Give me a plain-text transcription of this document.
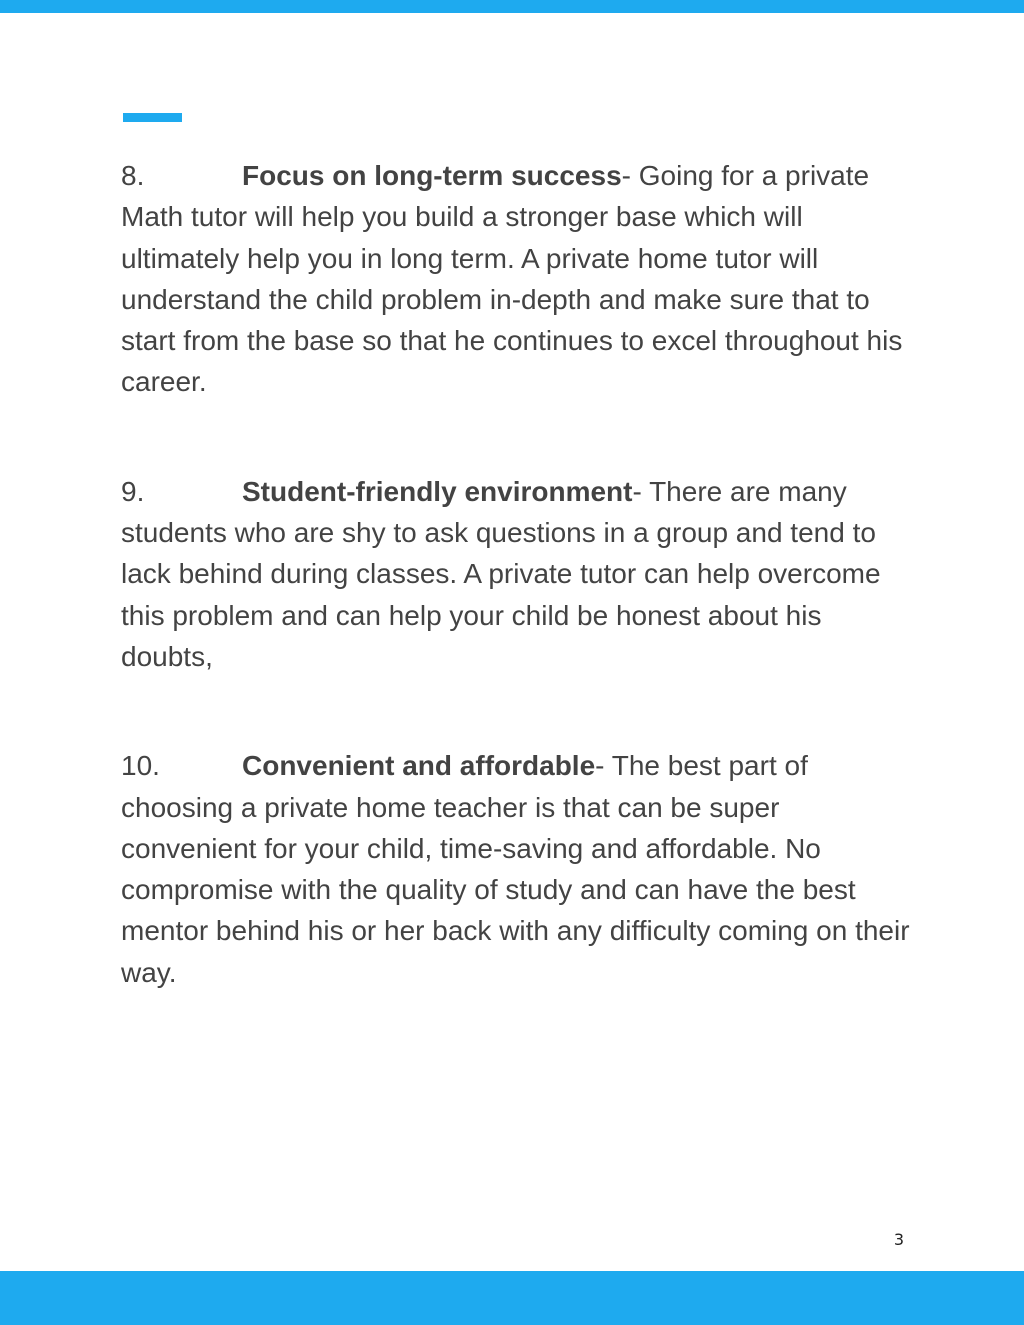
8.	Focus on long-term success- Going for a private Math tutor will help you build a stronger base which will ultimately help you in long term. A private home tutor will understand the child problem in-depth and make sure that to start from the base so that he continues to excel throughout his career.

9.	Student-friendly environment- There are many students who are shy to ask questions in a group and tend to lack behind during classes. A private tutor can help overcome this problem and can help your child be honest about his doubts,

10.	Convenient and affordable- The best part of choosing a private home teacher is that can be super convenient for your child, time-saving and affordable. No compromise with the quality of study and can have the best mentor behind his or her back with any difficulty coming on their way.

3
